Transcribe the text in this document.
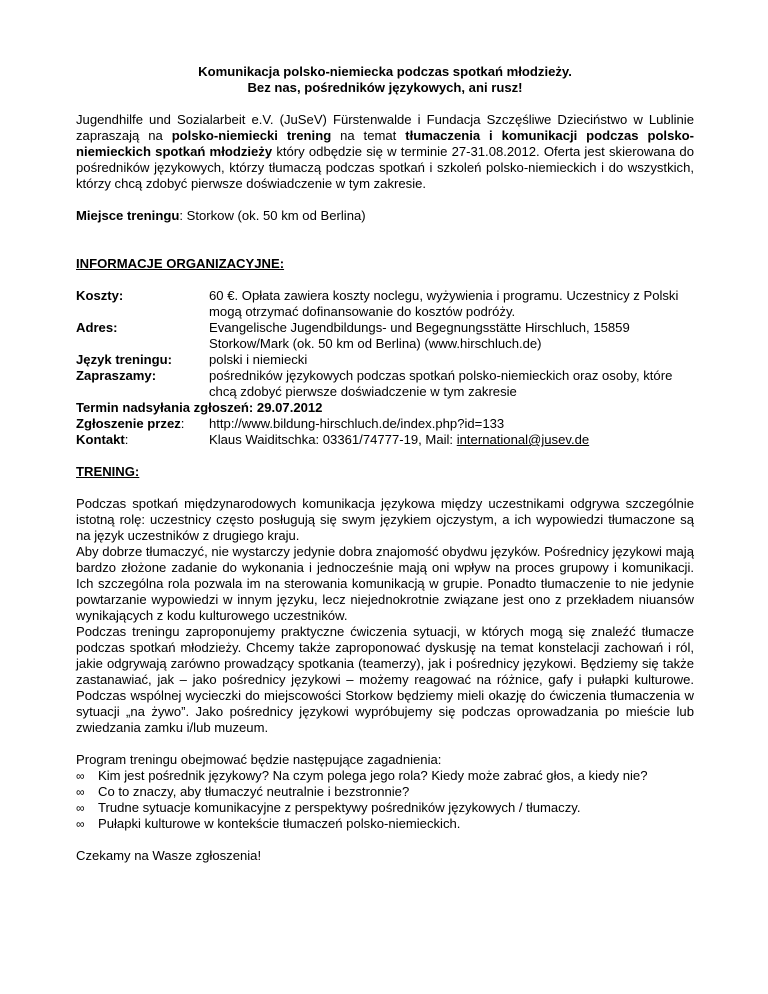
Komunikacja polsko-niemiecka podczas spotkań młodzieży.
Bez nas, pośredników językowych, ani rusz!

Jugendhilfe und Sozialarbeit e.V. (JuSeV) Fürstenwalde i Fundacja Szczęśliwe Dzieciństwo w Lublinie zapraszają na polsko-niemiecki trening na temat tłumaczenia i komunikacji podczas polsko-niemieckich spotkań młodzieży który odbędzie się w terminie 27-31.08.2012. Oferta jest skierowana do pośredników językowych, którzy tłumaczą podczas spotkań i szkoleń polsko-niemieckich i do wszystkich, którzy chcą zdobyć pierwsze doświadczenie w tym zakresie.

Miejsce treningu: Storkow (ok. 50 km od Berlina)

INFORMACJE ORGANIZACYJNE:

Koszty:	60 €. Opłata zawiera koszty noclegu, wyżywienia i programu. Uczestnicy z Polski mogą otrzymać dofinansowanie do kosztów podróży.
Adres:	Evangelische Jugendbildungs- und Begegnungsstätte Hirschluch, 15859 Storkow/Mark (ok. 50 km od Berlina) (www.hirschluch.de)
Język treningu:	polski i niemiecki
Zapraszamy:	pośredników językowych podczas spotkań polsko-niemieckich oraz osoby, które chcą zdobyć pierwsze doświadczenie w tym zakresie
Termin nadsyłania zgłoszeń: 29.07.2012
Zgłoszenie przez: http://www.bildung-hirschluch.de/index.php?id=133
Kontakt:	Klaus Waiditschka: 03361/74777-19, Mail: international@jusev.de

TRENING:

Podczas spotkań międzynarodowych komunikacja językowa między uczestnikami odgrywa szczególnie istotną rolę: uczestnicy często posługują się swym językiem ojczystym, a ich wypowiedzi tłumaczone są na język uczestników z drugiego kraju.

Aby dobrze tłumaczyć, nie wystarczy jedynie dobra znajomość obydwu języków. Pośrednicy językowi mają bardzo złożone zadanie do wykonania i jednocześnie mają oni wpływ na proces grupowy i komunikacji. Ich szczególna rola pozwala im na sterowania komunikacją w grupie. Ponadto tłumaczenie to nie jedynie powtarzanie wypowiedzi w innym języku, lecz niejednokrotnie związane jest ono z przekładem niuansów wynikających z kodu kulturowego uczestników.

Podczas treningu zaproponujemy praktyczne ćwiczenia sytuacji, w których mogą się znaleźć tłumacze podczas spotkań młodzieży. Chcemy także zaproponować dyskusję na temat konstelacji zachowań i ról, jakie odgrywają zarówno prowadzący spotkania (teamerzy), jak i pośrednicy językowi. Będziemy się także zastanawiać, jak – jako pośrednicy językowi – możemy reagować na różnice, gafy i pułapki kulturowe. Podczas wspólnej wycieczki do miejscowości Storkow będziemy mieli okazję do ćwiczenia tłumaczenia w sytuacji „na żywo”. Jako pośrednicy językowi wypróbujemy się podczas oprowadzania po mieście lub zwiedzania zamku i/lub muzeum.

Program treningu obejmować będzie następujące zagadnienia:

∞ Kim jest pośrednik językowy? Na czym polega jego rola? Kiedy może zabrać głos, a kiedy nie?
∞ Co to znaczy, aby tłumaczyć neutralnie i bezstronnie?
∞ Trudne sytuacje komunikacyjne z perspektywy pośredników językowych / tłumaczy.
∞ Pułapki kulturowe w kontekście tłumaczeń polsko-niemieckich.

Czekamy na Wasze zgłoszenia!
